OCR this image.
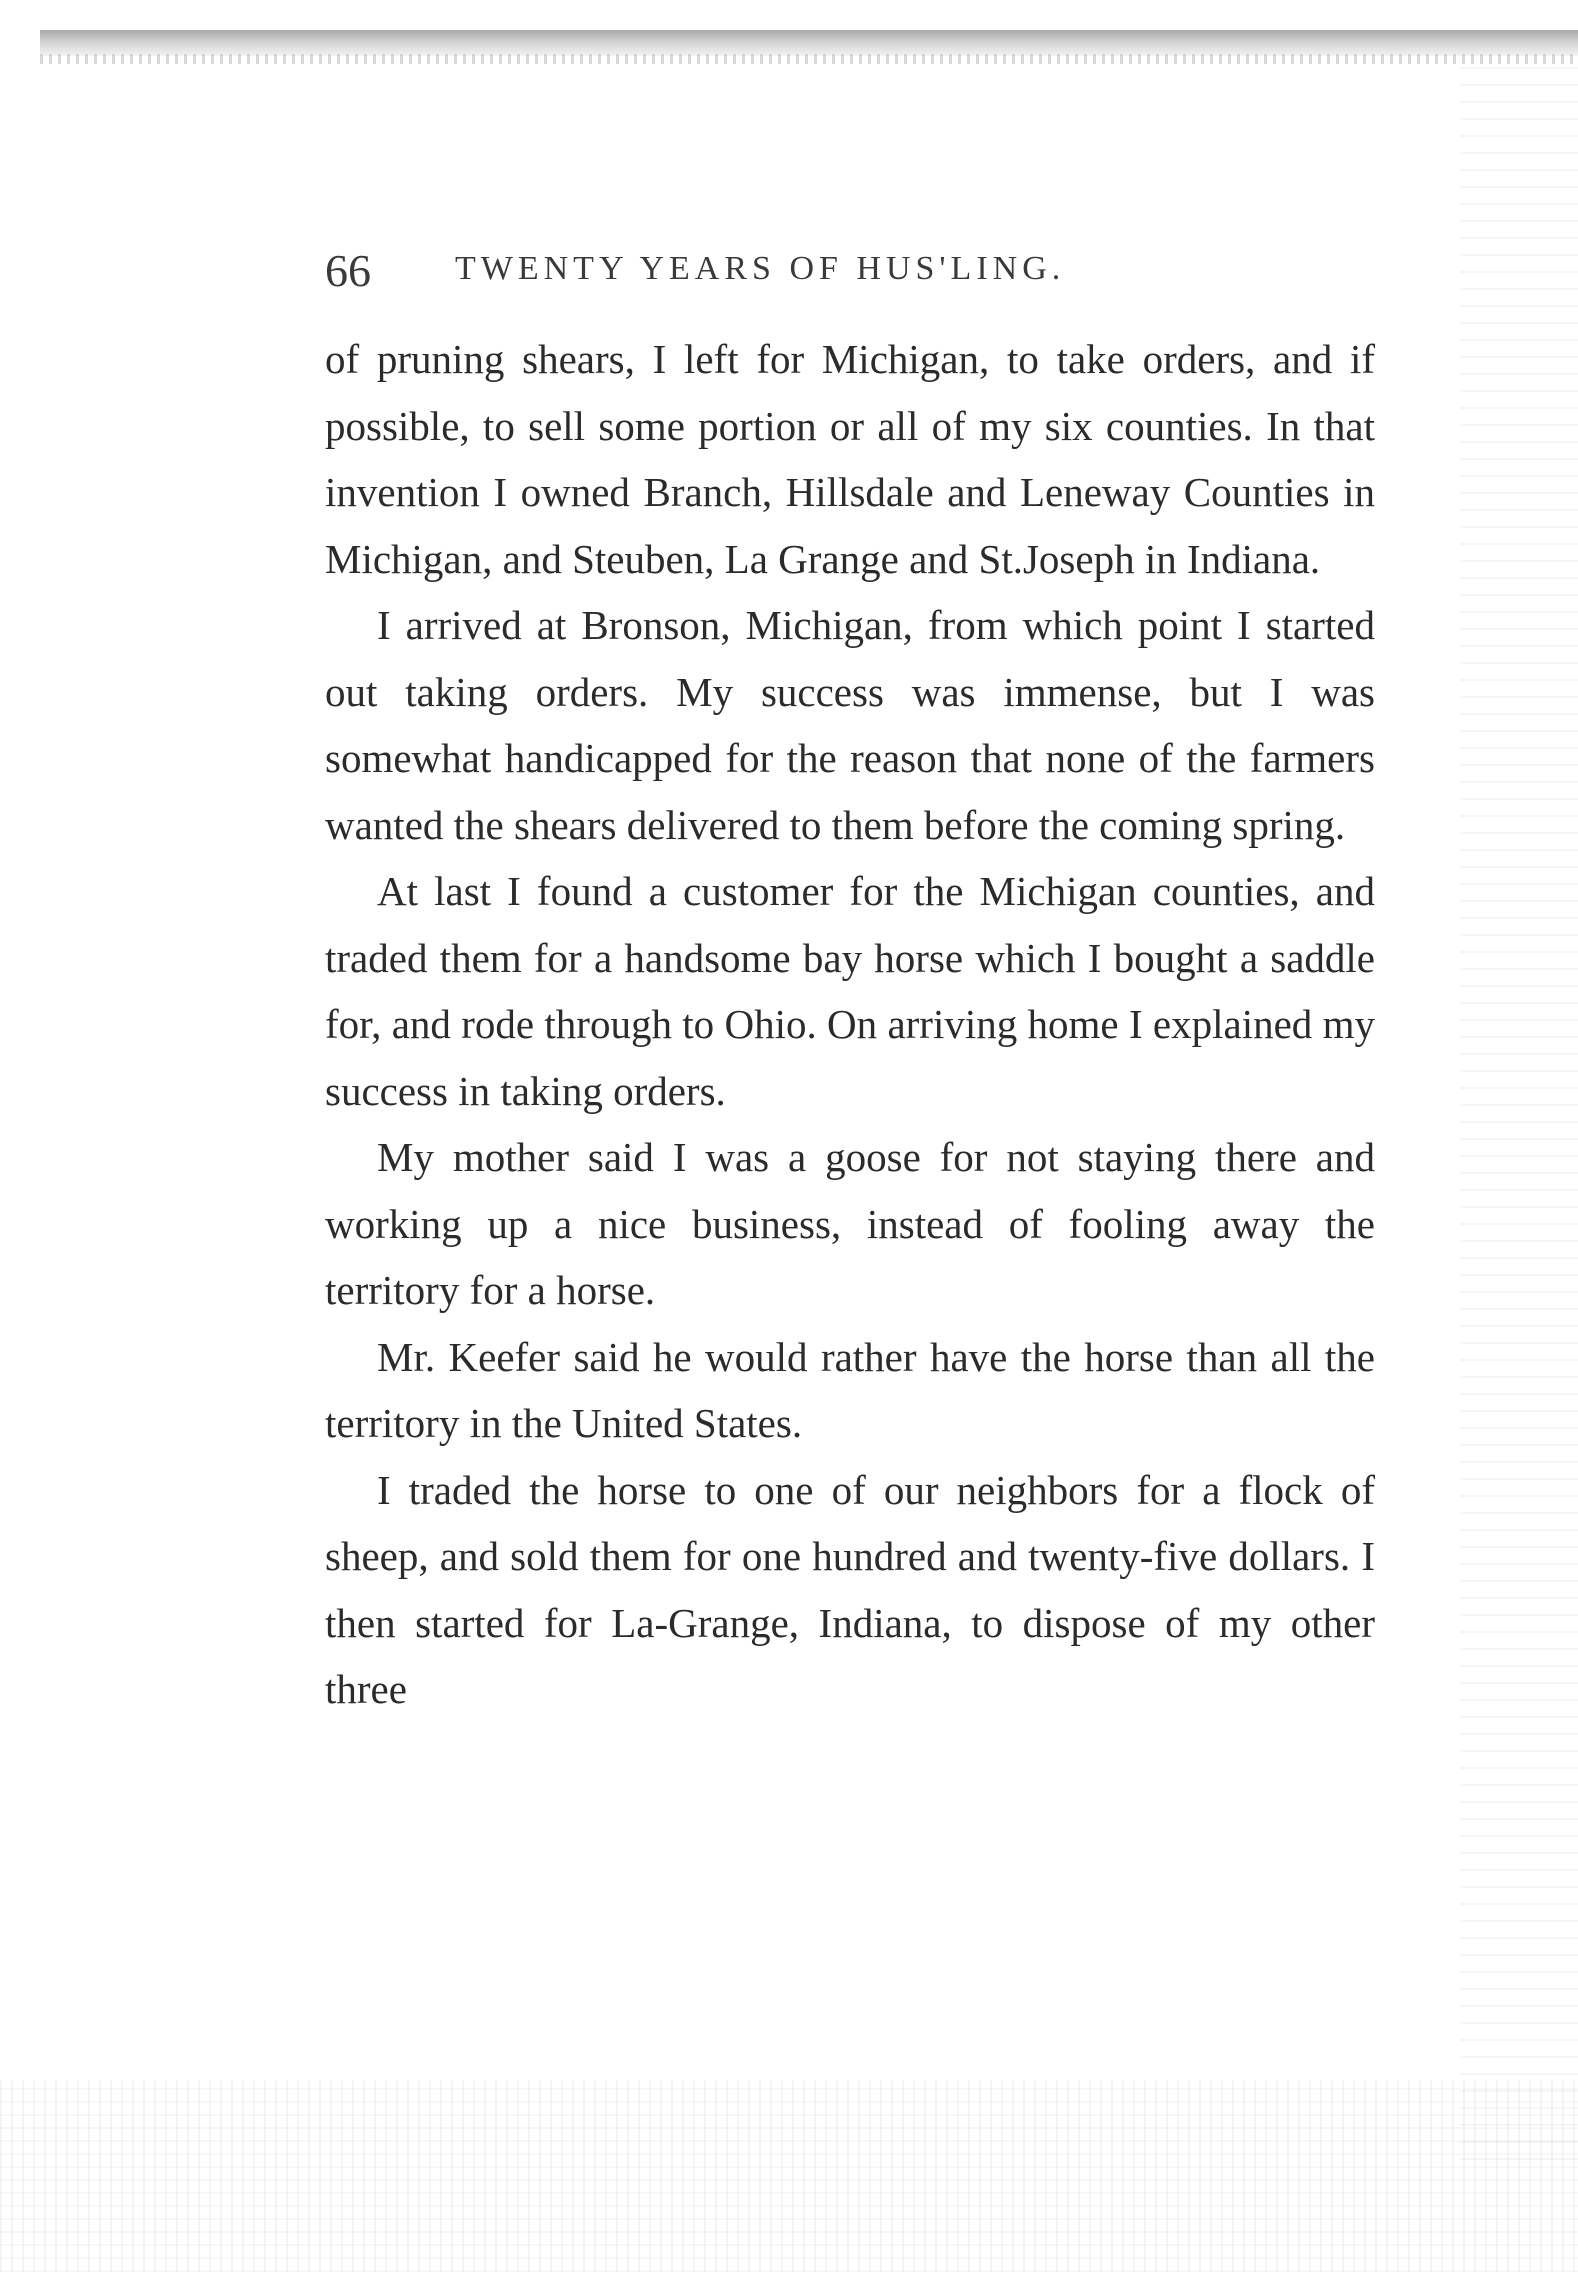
66 TWENTY YEARS OF HUS'LING.

of pruning shears, I left for Michigan, to take orders, and if possible, to sell some portion or all of my six counties. In that invention I owned Branch, Hillsdale and Leneway Counties in Michigan, and Steuben, La Grange and St.Joseph in Indiana.

I arrived at Bronson, Michigan, from which point I started out taking orders. My success was immense, but I was somewhat handicapped for the reason that none of the farmers wanted the shears delivered to them before the coming spring.

At last I found a customer for the Michigan counties, and traded them for a handsome bay horse which I bought a saddle for, and rode through to Ohio. On arriving home I explained my success in taking orders.

My mother said I was a goose for not staying there and working up a nice business, instead of fooling away the territory for a horse.

Mr. Keefer said he would rather have the horse than all the territory in the United States.

I traded the horse to one of our neighbors for a flock of sheep, and sold them for one hundred and twenty-five dollars. I then started for La-Grange, Indiana, to dispose of my other three
